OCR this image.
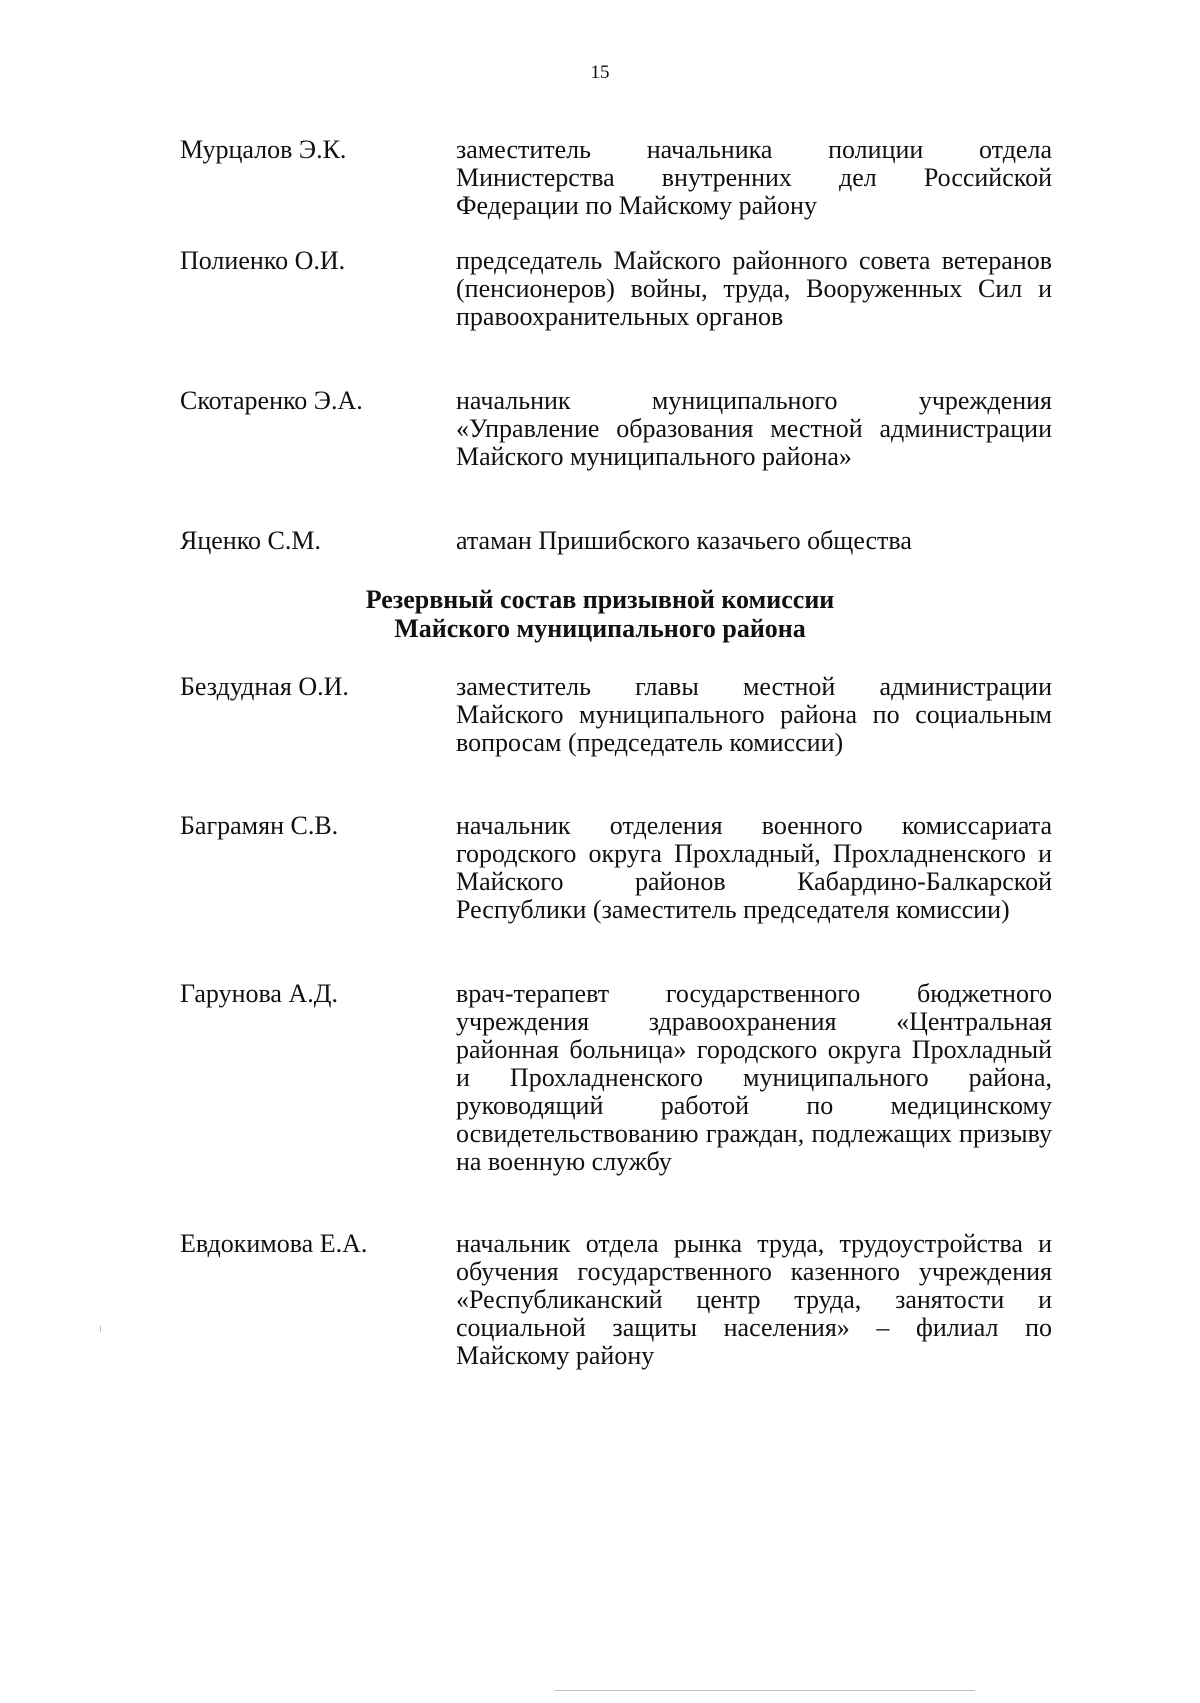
15
Мурцалов Э.К.	заместитель начальника полиции отдела Министерства внутренних дел Российской Федерации по Майскому району
Полиенко О.И.	председатель Майского районного совета ветеранов (пенсионеров) войны, труда, Вооруженных Сил и правоохранительных органов
Скотаренко Э.А.	начальник муниципального учреждения «Управление образования местной администрации Майского муниципального района»
Яценко С.М.	атаман Пришибского казачьего общества
Резервный состав призывной комиссии
Майского муниципального района
Бездудная О.И.	заместитель главы местной администрации Майского муниципального района по социальным вопросам (председатель комиссии)
Баграмян С.В.	начальник отделения военного комиссариата городского округа Прохладный, Прохладненского и Майского районов Кабардино-Балкарской Республики (заместитель председателя комиссии)
Гарунова А.Д.	врач-терапевт государственного бюджетного учреждения здравоохранения «Центральная районная больница» городского округа Прохладный и Прохладненского муниципального района, руководящий работой по медицинскому освидетельствованию граждан, подлежащих призыву на военную службу
Евдокимова Е.А.	начальник отдела рынка труда, трудоустройства и обучения государственного казенного учреждения «Республиканский центр труда, занятости и социальной защиты населения» – филиал по Майскому району
